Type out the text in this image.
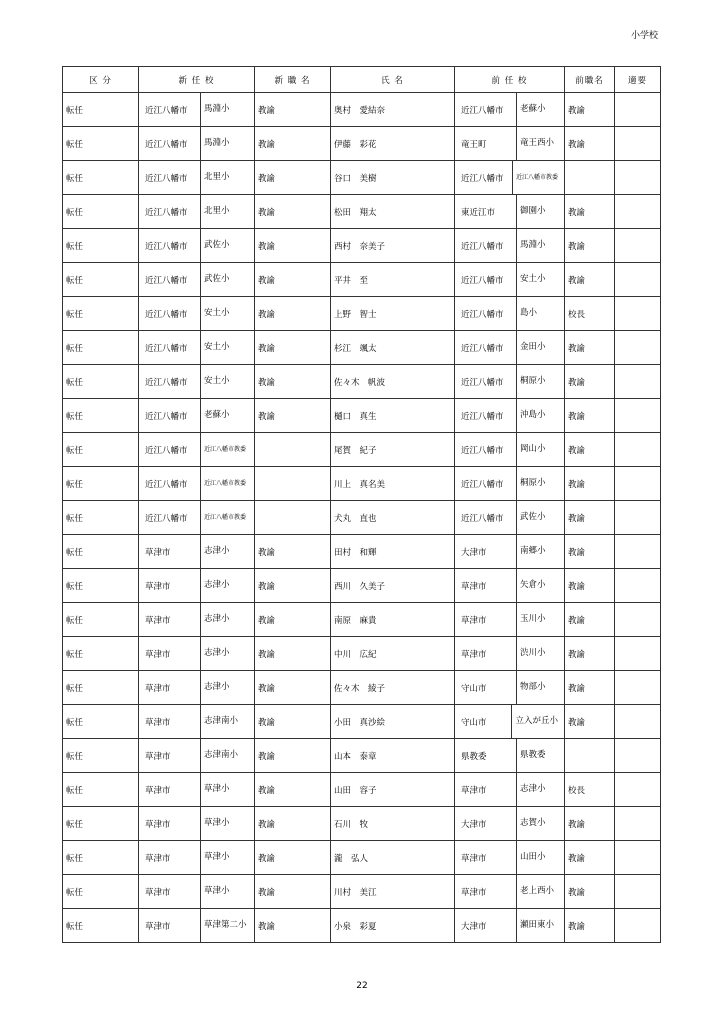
小学校
区 分	新 任 校	新 職 名	氏 名	前 任 校	前職名	適要
転任	近江八幡市 馬淵小	教諭	奥村　愛結奈	近江八幡市 老蘇小	教諭	
転任	近江八幡市 馬淵小	教諭	伊藤　彩花	竜王町 竜王西小	教諭	
転任	近江八幡市 北里小	教諭	谷口　美樹	近江八幡市 近江八幡市教委		

転任	近江八幡市 北里小	教諭	松田　翔太	東近江市 御園小	教諭	
転任	近江八幡市 武佐小	教諭	西村　奈美子	近江八幡市 馬淵小	教諭	
転任	近江八幡市 武佐小	教諭	平井　至	近江八幡市 安土小	教諭	
転任	近江八幡市 安土小	教諭	上野　智士	近江八幡市 島小	校長	
転任	近江八幡市 安土小	教諭	杉江　颯太	近江八幡市 金田小	教諭	
転任	近江八幡市 安土小	教諭	佐々木　帆波	近江八幡市 桐原小	教諭	
転任	近江八幡市 老蘇小	教諭	樋口　真生	近江八幡市 沖島小	教諭	
転任	近江八幡市 近江八幡市教委		尾賀　紀子	近江八幡市 岡山小	教諭	
転任	近江八幡市 近江八幡市教委		川上　真名美	近江八幡市 桐原小	教諭	
転任	近江八幡市 近江八幡市教委		犬丸　直也	近江八幡市 武佐小	教諭	
転任	草津市 志津小	教諭	田村　和輝	大津市 南郷小	教諭	
転任	草津市 志津小	教諭	西川　久美子	草津市 矢倉小	教諭	
転任	草津市 志津小	教諭	南原　麻貴	草津市 玉川小	教諭	
転任	草津市 志津小	教諭	中川　広紀	草津市 渋川小	教諭	
転任	草津市 志津小	教諭	佐々木　綾子	守山市 物部小	教諭	
転任	草津市 志津南小	教諭	小田　真沙絵	守山市 立入が丘小	教諭	
転任	草津市 志津南小	教諭	山本　泰章	県教委 県教委		

転任	草津市 草津小	教諭	山田　容子	草津市 志津小	校長	
転任	草津市 草津小	教諭	石川　牧	大津市 志賀小	教諭	
転任	草津市 草津小	教諭	瀧　弘人	草津市 山田小	教諭	
転任	草津市 草津小	教諭	川村　美江	草津市 老上西小	教諭	
転任	草津市 草津第二小	教諭	小泉　彩夏	大津市 瀬田東小	教諭	
22
